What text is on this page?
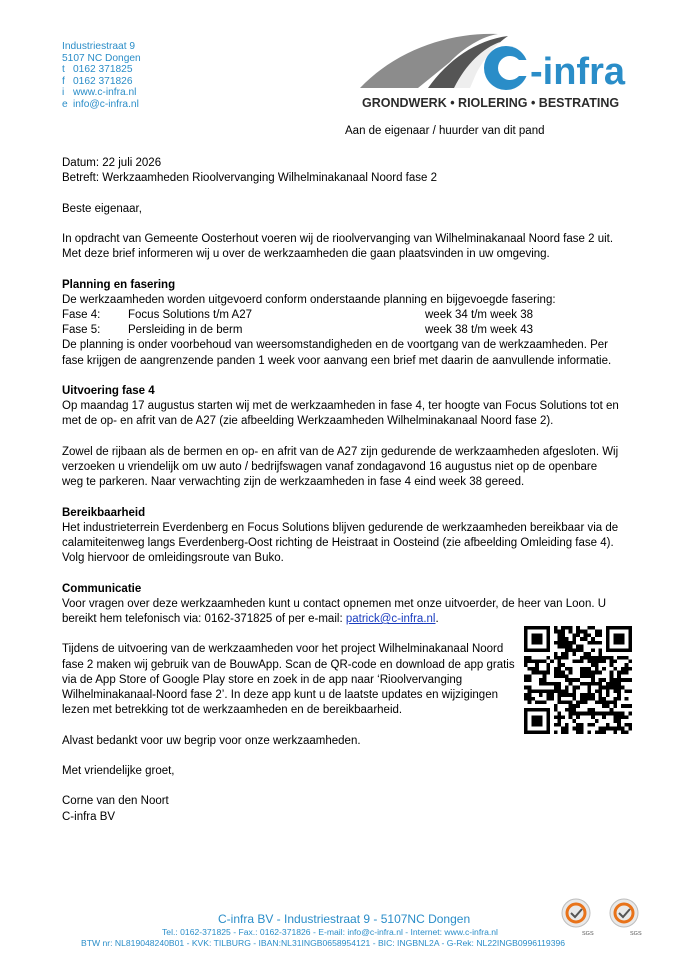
Industriestraat 9
5107 NC Dongen
t 0162 371825
f 0162 371826
i www.c-infra.nl
e info@c-infra.nl
-infra
GRONDWERK • RIOLERING • BESTRATING
Aan de eigenaar / huurder van dit pand

Datum: 22 juli 2026

Betreft: Werkzaamheden Rioolvervanging Wilhelminakanaal Noord fase 2

Beste eigenaar,

In opdracht van Gemeente Oosterhout voeren wij de rioolvervanging van Wilhelminakanaal Noord fase 2 uit.

Met deze brief informeren wij u over de werkzaamheden die gaan plaatsvinden in uw omgeving.

Planning en fasering

De werkzaamheden worden uitgevoerd conform onderstaande planning en bijgevoegde fasering:

Fase 4: Focus Solutions t/m A27	week 34 t/m week 38
Fase 5: Persleiding in de berm	week 38 t/m week 43

De planning is onder voorbehoud van weersomstandigheden en de voortgang van de werkzaamheden. Per

fase krijgen de aangrenzende panden 1 week voor aanvang een brief met daarin de aanvullende informatie.

Uitvoering fase 4

Op maandag 17 augustus starten wij met de werkzaamheden in fase 4, ter hoogte van Focus Solutions tot en

met de op- en afrit van de A27 (zie afbeelding Werkzaamheden Wilhelminakanaal Noord fase 2).

Zowel de rijbaan als de bermen en op- en afrit van de A27 zijn gedurende de werkzaamheden afgesloten. Wij

verzoeken u vriendelijk om uw auto / bedrijfswagen vanaf zondagavond 16 augustus niet op de openbare

weg te parkeren. Naar verwachting zijn de werkzaamheden in fase 4 eind week 38 gereed.

Bereikbaarheid

Het industrieterrein Everdenberg en Focus Solutions blijven gedurende de werkzaamheden bereikbaar via de

calamiteitenweg langs Everdenberg-Oost richting de Heistraat in Oosteind (zie afbeelding Omleiding fase 4).

Volg hiervoor de omleidingsroute van Buko.

Communicatie

Voor vragen over deze werkzaamheden kunt u contact opnemen met onze uitvoerder, de heer van Loon. U

bereikt hem telefonisch via: 0162-371825 of per e-mail: patrick@c-infra.nl.

Tijdens de uitvoering van de werkzaamheden voor het project Wilhelminakanaal Noord

fase 2 maken wij gebruik van de BouwApp. Scan de QR-code en download de app gratis

via de App Store of Google Play store en zoek in de app naar ‘Rioolvervanging

Wilhelminakanaal-Noord fase 2’. In deze app kunt u de laatste updates en wijzigingen

lezen met betrekking tot de werkzaamheden en de bereikbaarheid.

Alvast bedankt voor uw begrip voor onze werkzaamheden.

Met vriendelijke groet,

Corne van den Noort

C-infra BV

C-infra BV - Industriestraat 9 - 5107NC Dongen
Tel.: 0162-371825 - Fax.: 0162-371826 - E-mail: info@c-infra.nl - Internet: www.c-infra.nl
BTW nr: NL819048240B01 - KVK: TILBURG - IBAN:NL31INGB0658954121 - BIC: INGBNL2A - G-Rek: NL22INGB0996119396
SGS	SGS
